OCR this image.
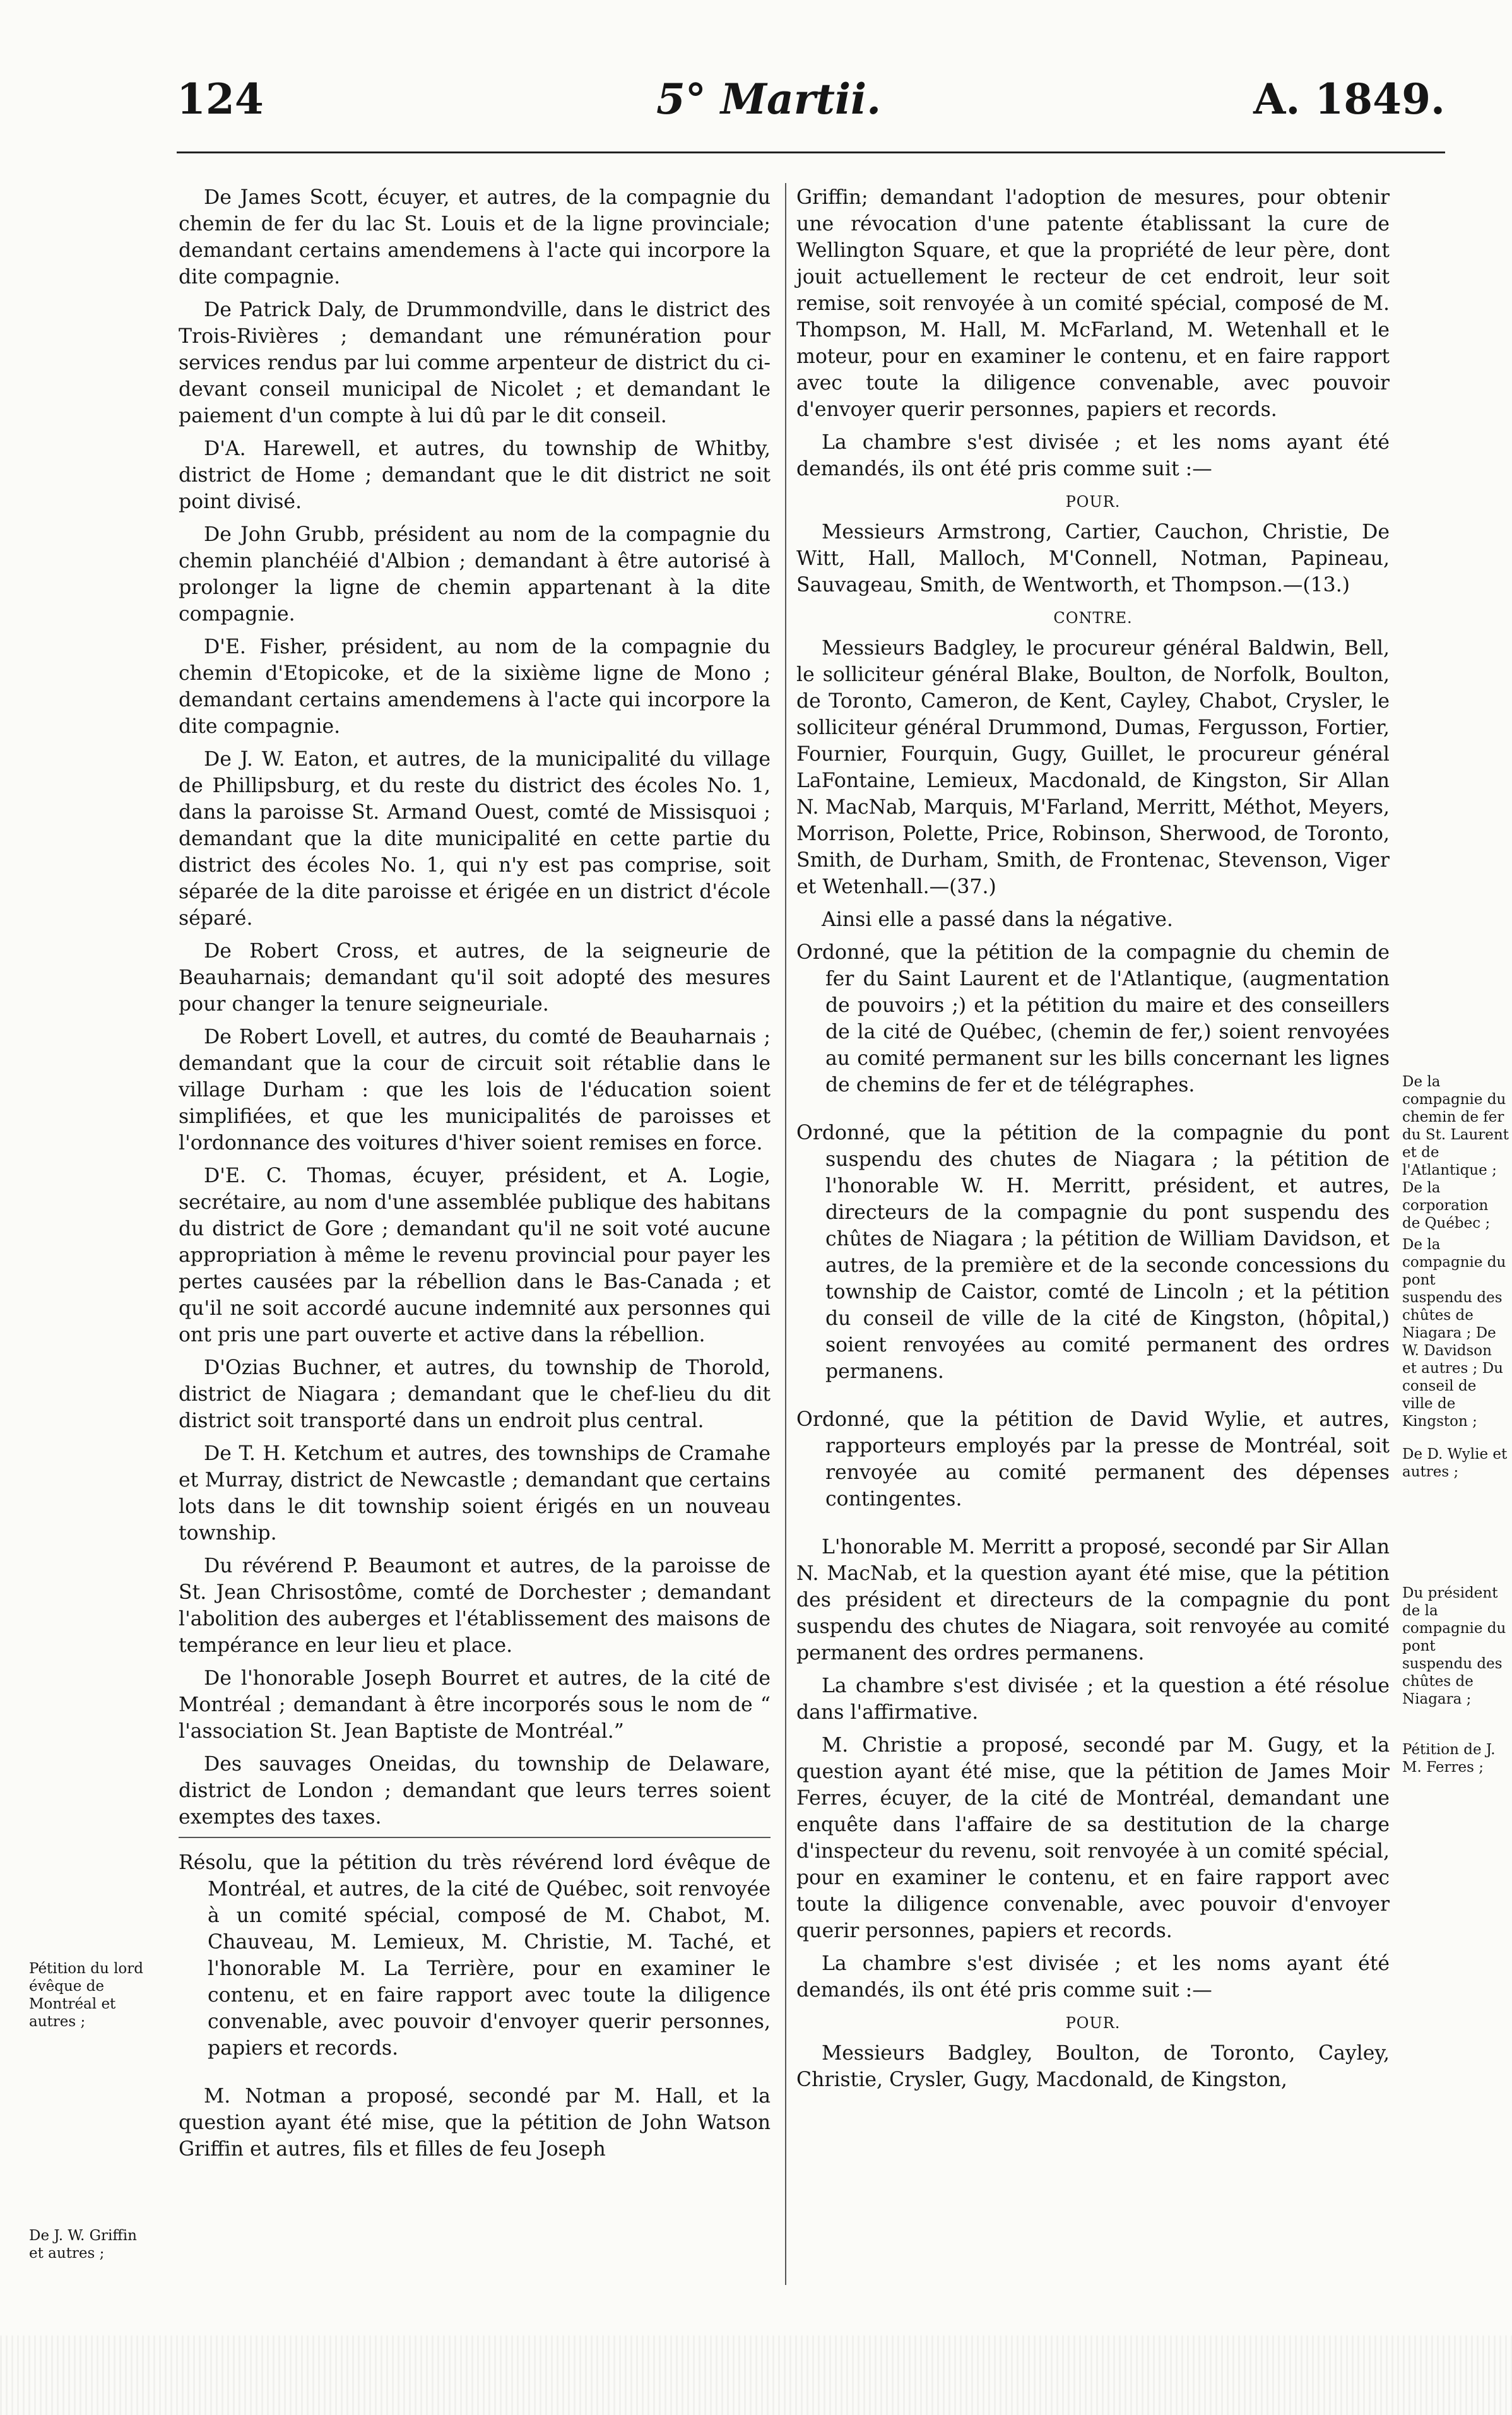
124	5° Martii.	A. 1849.

De James Scott, écuyer, et autres, de la compagnie du chemin de fer du lac St. Louis et de la ligne provinciale; demandant certains amendemens à l'acte qui incorpore la dite compagnie.

De Patrick Daly, de Drummondville, dans le district des Trois-Rivières ; demandant une rémunération pour services rendus par lui comme arpenteur de district du ci-devant conseil municipal de Nicolet ; et demandant le paiement d'un compte à lui dû par le dit conseil.

D'A. Harewell, et autres, du township de Whitby, district de Home ; demandant que le dit district ne soit point divisé.

De John Grubb, président au nom de la compagnie du chemin planchéié d'Albion ; demandant à être autorisé à prolonger la ligne de chemin appartenant à la dite compagnie.

D'E. Fisher, président, au nom de la compagnie du chemin d'Etopicoke, et de la sixième ligne de Mono ; demandant certains amendemens à l'acte qui incorpore la dite compagnie.

De J. W. Eaton, et autres, de la municipalité du village de Phillipsburg, et du reste du district des écoles No. 1, dans la paroisse St. Armand Ouest, comté de Missisquoi ; demandant que la dite municipalité en cette partie du district des écoles No. 1, qui n'y est pas comprise, soit séparée de la dite paroisse et érigée en un district d'école séparé.

De Robert Cross, et autres, de la seigneurie de Beauharnais; demandant qu'il soit adopté des mesures pour changer la tenure seigneuriale.

De Robert Lovell, et autres, du comté de Beauharnais ; demandant que la cour de circuit soit rétablie dans le village Durham : que les lois de l'éducation soient simplifiées, et que les municipalités de paroisses et l'ordonnance des voitures d'hiver soient remises en force.

D'E. C. Thomas, écuyer, président, et A. Logie, secrétaire, au nom d'une assemblée publique des habitans du district de Gore ; demandant qu'il ne soit voté aucune appropriation à même le revenu provincial pour payer les pertes causées par la rébellion dans le Bas-Canada ; et qu'il ne soit accordé aucune indemnité aux personnes qui ont pris une part ouverte et active dans la rébellion.

D'Ozias Buchner, et autres, du township de Thorold, district de Niagara ; demandant que le chef-lieu du dit district soit transporté dans un endroit plus central.

De T. H. Ketchum et autres, des townships de Cramahe et Murray, district de Newcastle ; demandant que certains lots dans le dit township soient érigés en un nouveau township.

Du révérend P. Beaumont et autres, de la paroisse de St. Jean Chrisostôme, comté de Dorchester ; demandant l'abolition des auberges et l'établissement des maisons de tempérance en leur lieu et place.

De l'honorable Joseph Bourret et autres, de la cité de Montréal ; demandant à être incorporés sous le nom de “ l'association St. Jean Baptiste de Montréal.”

Des sauvages Oneidas, du township de Delaware, district de London ; demandant que leurs terres soient exemptes des taxes.

Résolu, que la pétition du très révérend lord évêque de Montréal, et autres, de la cité de Québec, soit renvoyée à un comité spécial, composé de M. Chabot, M. Chauveau, M. Lemieux, M. Christie, M. Taché, et l'honorable M. La Terrière, pour en examiner le contenu, et en faire rapport avec toute la diligence convenable, avec pouvoir d'envoyer querir personnes, papiers et records.

M. Notman a proposé, secondé par M. Hall, et la question ayant été mise, que la pétition de John Watson Griffin et autres, fils et filles de feu Joseph

Griffin; demandant l'adoption de mesures, pour obtenir une révocation d'une patente établissant la cure de Wellington Square, et que la propriété de leur père, dont jouit actuellement le recteur de cet endroit, leur soit remise, soit renvoyée à un comité spécial, composé de M. Thompson, M. Hall, M. McFarland, M. Wetenhall et le moteur, pour en examiner le contenu, et en faire rapport avec toute la diligence convenable, avec pouvoir d'envoyer querir personnes, papiers et records.

La chambre s'est divisée ; et les noms ayant été demandés, ils ont été pris comme suit :—

POUR.

Messieurs Armstrong, Cartier, Cauchon, Christie, De Witt, Hall, Malloch, M'Connell, Notman, Papineau, Sauvageau, Smith, de Wentworth, et Thompson.—(13.)

CONTRE.

Messieurs Badgley, le procureur général Baldwin, Bell, le solliciteur général Blake, Boulton, de Norfolk, Boulton, de Toronto, Cameron, de Kent, Cayley, Chabot, Crysler, le solliciteur général Drummond, Dumas, Fergusson, Fortier, Fournier, Fourquin, Gugy, Guillet, le procureur général LaFontaine, Lemieux, Macdonald, de Kingston, Sir Allan N. MacNab, Marquis, M'Farland, Merritt, Méthot, Meyers, Morrison, Polette, Price, Robinson, Sherwood, de Toronto, Smith, de Durham, Smith, de Frontenac, Stevenson, Viger et Wetenhall.—(37.)

Ainsi elle a passé dans la négative.

Ordonné, que la pétition de la compagnie du chemin de fer du Saint Laurent et de l'Atlantique, (augmentation de pouvoirs ;) et la pétition du maire et des conseillers de la cité de Québec, (chemin de fer,) soient renvoyées au comité permanent sur les bills concernant les lignes de chemins de fer et de télégraphes.

Ordonné, que la pétition de la compagnie du pont suspendu des chutes de Niagara ; la pétition de l'honorable W. H. Merritt, président, et autres, directeurs de la compagnie du pont suspendu des chûtes de Niagara ; la pétition de William Davidson, et autres, de la première et de la seconde concessions du township de Caistor, comté de Lincoln ; et la pétition du conseil de ville de la cité de Kingston, (hôpital,) soient renvoyées au comité permanent des ordres permanens.

Ordonné, que la pétition de David Wylie, et autres, rapporteurs employés par la presse de Montréal, soit renvoyée au comité permanent des dépenses contingentes.

L'honorable M. Merritt a proposé, secondé par Sir Allan N. MacNab, et la question ayant été mise, que la pétition des président et directeurs de la compagnie du pont suspendu des chutes de Niagara, soit renvoyée au comité permanent des ordres permanens.

La chambre s'est divisée ; et la question a été résolue dans l'affirmative.

M. Christie a proposé, secondé par M. Gugy, et la question ayant été mise, que la pétition de James Moir Ferres, écuyer, de la cité de Montréal, demandant une enquête dans l'affaire de sa destitution de la charge d'inspecteur du revenu, soit renvoyée à un comité spécial, pour en examiner le contenu, et en faire rapport avec toute la diligence convenable, avec pouvoir d'envoyer querir personnes, papiers et records.

La chambre s'est divisée ; et les noms ayant été demandés, ils ont été pris comme suit :—

POUR.

Messieurs Badgley, Boulton, de Toronto, Cayley, Christie, Crysler, Gugy, Macdonald, de Kingston,

Pétition du lord évêque de Montréal et autres ;
De J. W. Griffin et autres ;
De la compagnie du chemin de fer du St. Laurent et de l'Atlantique ; De la corporation de Québec ;
De la compagnie du pont suspendu des chûtes de Niagara ; De W. Davidson et autres ; Du conseil de ville de Kingston ;
De D. Wylie et autres ;
Du président de la compagnie du pont suspendu des chûtes de Niagara ;
Pétition de J. M. Ferres ;
